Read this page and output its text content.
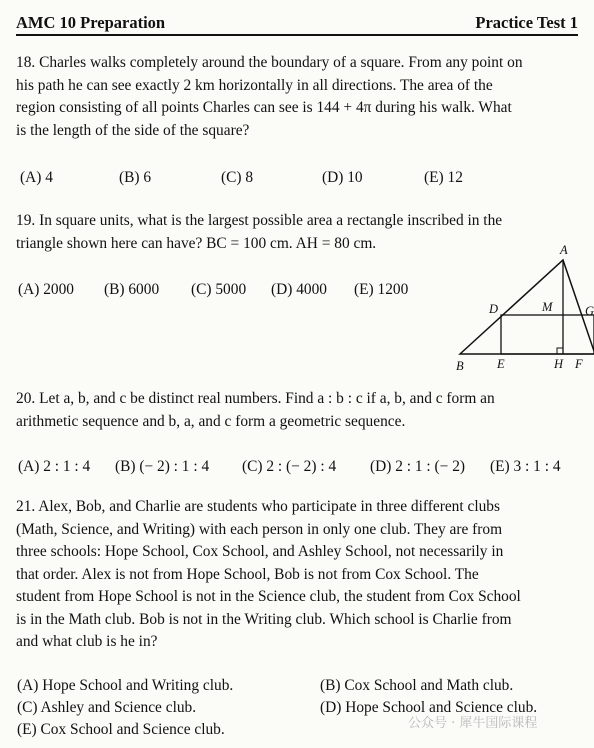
AMC 10 Preparation	Practice Test 1
18. Charles walks completely around the boundary of a square. From any point on
his path he can see exactly 2 km horizontally in all directions. The area of the
region consisting of all points Charles can see is 144 + 4π during his walk. What
is the length of the side of the square?
(A) 4	(B) 6	(C) 8	(D) 10	(E) 12
19. In square units, what is the largest possible area a rectangle inscribed in the
triangle shown here can have? BC = 100 cm. AH = 80 cm.
(A) 2000 (B) 6000 (C) 5000 (D) 4000 (E) 1200
A
D	M	G
B	E	H F
20. Let a, b, and c be distinct real numbers. Find a : b : c if a, b, and c form an
arithmetic sequence and b, a, and c form a geometric sequence.
(A) 2 : 1 : 4 (B) (− 2) : 1 : 4 (C) 2 : (− 2) : 4 (D) 2 : 1 : (− 2) (E) 3 : 1 : 4
21. Alex, Bob, and Charlie are students who participate in three different clubs
(Math, Science, and Writing) with each person in only one club. They are from
three schools: Hope School, Cox School, and Ashley School, not necessarily in
that order. Alex is not from Hope School, Bob is not from Cox School. The
student from Hope School is not in the Science club, the student from Cox School
is in the Math club. Bob is not in the Writing club. Which school is Charlie from
and what club is he in?
(A) Hope School and Writing club.	(B) Cox School and Math club.
(C) Ashley and Science club.	(D) Hope School and Science club.
(E) Cox School and Science club.	公众号 · 犀牛国际课程
